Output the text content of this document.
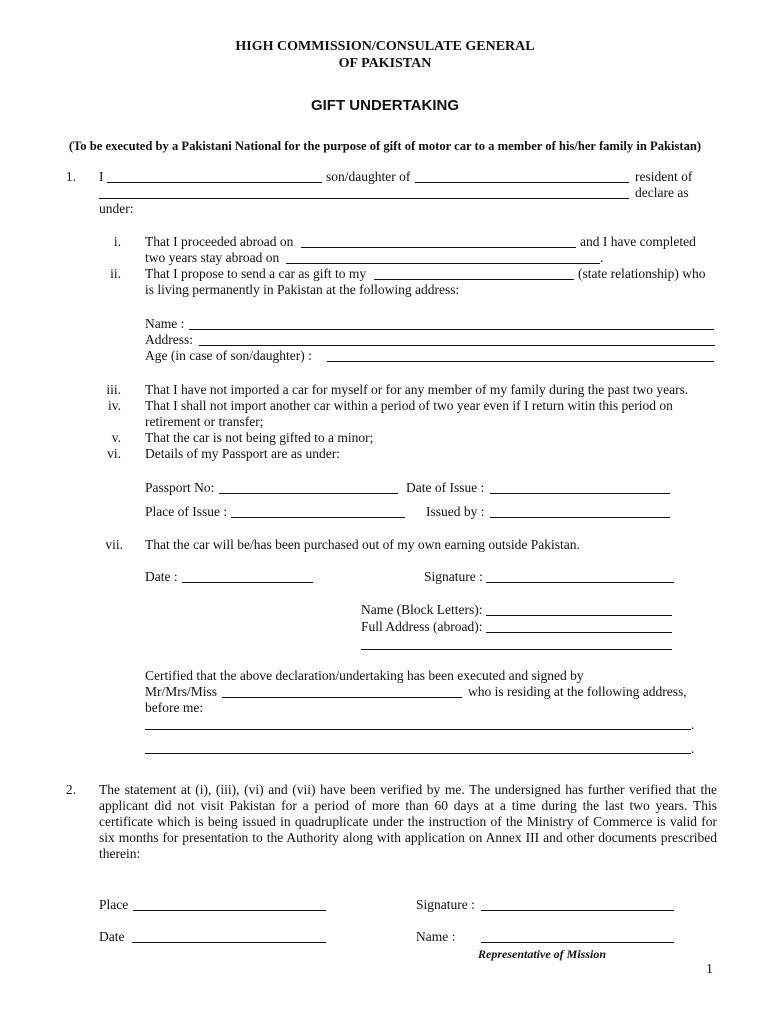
HIGH COMMISSION/CONSULATE GENERAL
OF PAKISTAN
GIFT UNDERTAKING
(To be executed by a Pakistani National for the purpose of gift of motor car to a member of his/her family in Pakistan)
1. I	son/daughter of	resident of
declare as
under:
i. That I proceeded abroad on	and I have completed
two years stay abroad on	.
ii. That I propose to send a car as gift to my	(state relationship) who
is living permanently in Pakistan at the following address:
Name :
Address:
Age (in case of son/daughter) :
iii. That I have not imported a car for myself or for any member of my family during the past two years.
iv. That I shall not import another car within a period of two year even if I return witin this period on
retirement or transfer;
v. That the car is not being gifted to a minor;
vi. Details of my Passport are as under:
Passport No:	Date of Issue :
Place of Issue :	Issued by :
vii. That the car will be/has been purchased out of my own earning outside Pakistan.
Date :	Signature :
Name (Block Letters):
Full Address (abroad):
Certified that the above declaration/undertaking has been executed and signed by
Mr/Mrs/Miss	who is residing at the following address,
before me:
.
.
2. The statement at (i), (iii), (vi) and (vii) have been verified by me. The undersigned has further verified that the applicant did not visit Pakistan for a period of more than 60 days at a time during the last two years. This certificate which is being issued in quadruplicate under the instruction of the Ministry of Commerce is valid for six months for presentation to the Authority along with application on Annex III and other documents prescribed therein:
Place	Signature :
Date	Name :
Representative of Mission
1
